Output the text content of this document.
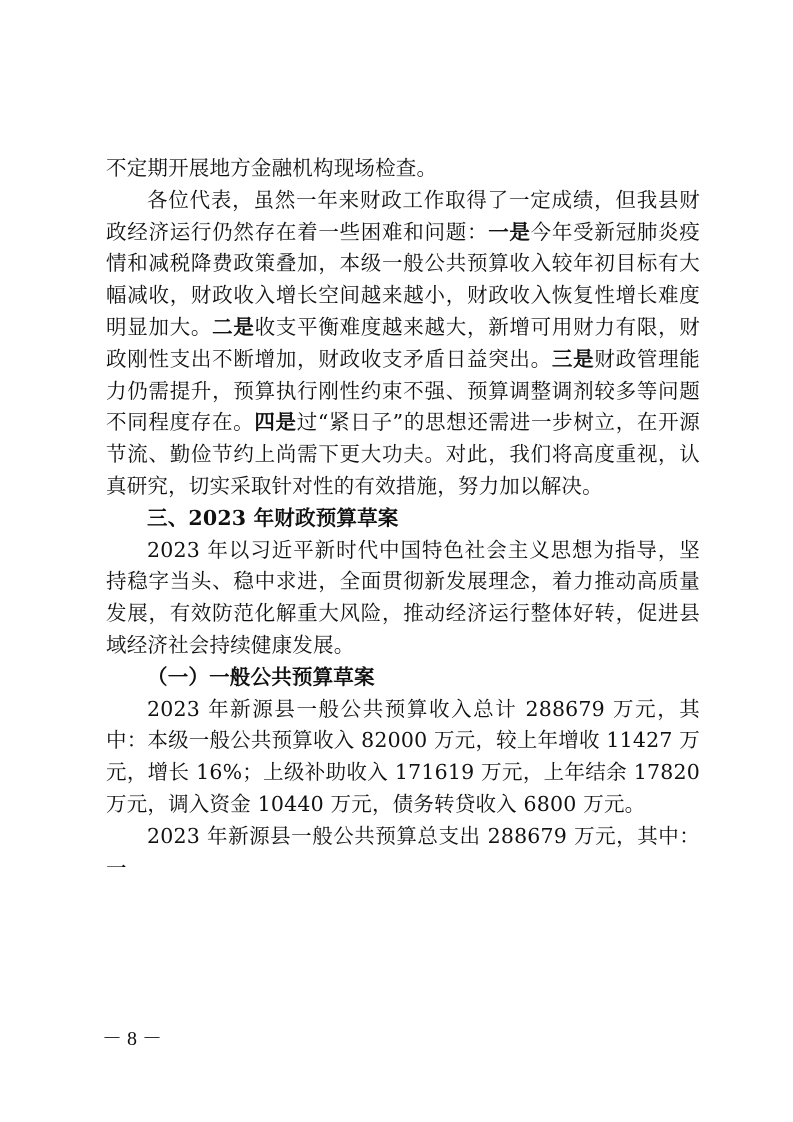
不定期开展地方金融机构现场检查。

各位代表，虽然一年来财政工作取得了一定成绩，但我县财政经济运行仍然存在着一些困难和问题：一是今年受新冠肺炎疫情和减税降费政策叠加，本级一般公共预算收入较年初目标有大幅减收，财政收入增长空间越来越小，财政收入恢复性增长难度明显加大。二是收支平衡难度越来越大，新增可用财力有限，财政刚性支出不断增加，财政收支矛盾日益突出。三是财政管理能力仍需提升，预算执行刚性约束不强、预算调整调剂较多等问题不同程度存在。四是过“紧日子”的思想还需进一步树立，在开源节流、勤俭节约上尚需下更大功夫。对此，我们将高度重视，认真研究，切实采取针对性的有效措施，努力加以解决。

三、2023 年财政预算草案

2023 年以习近平新时代中国特色社会主义思想为指导，坚持稳字当头、稳中求进，全面贯彻新发展理念，着力推动高质量发展，有效防范化解重大风险，推动经济运行整体好转，促进县域经济社会持续健康发展。

（一）一般公共预算草案

2023 年新源县一般公共预算收入总计 288679 万元，其中：本级一般公共预算收入 82000 万元，较上年增收 11427 万元，增长 16%；上级补助收入 171619 万元，上年结余 17820 万元，调入资金 10440 万元，债务转贷收入 6800 万元。

2023 年新源县一般公共预算总支出 288679 万元，其中：一

－ 8 －
